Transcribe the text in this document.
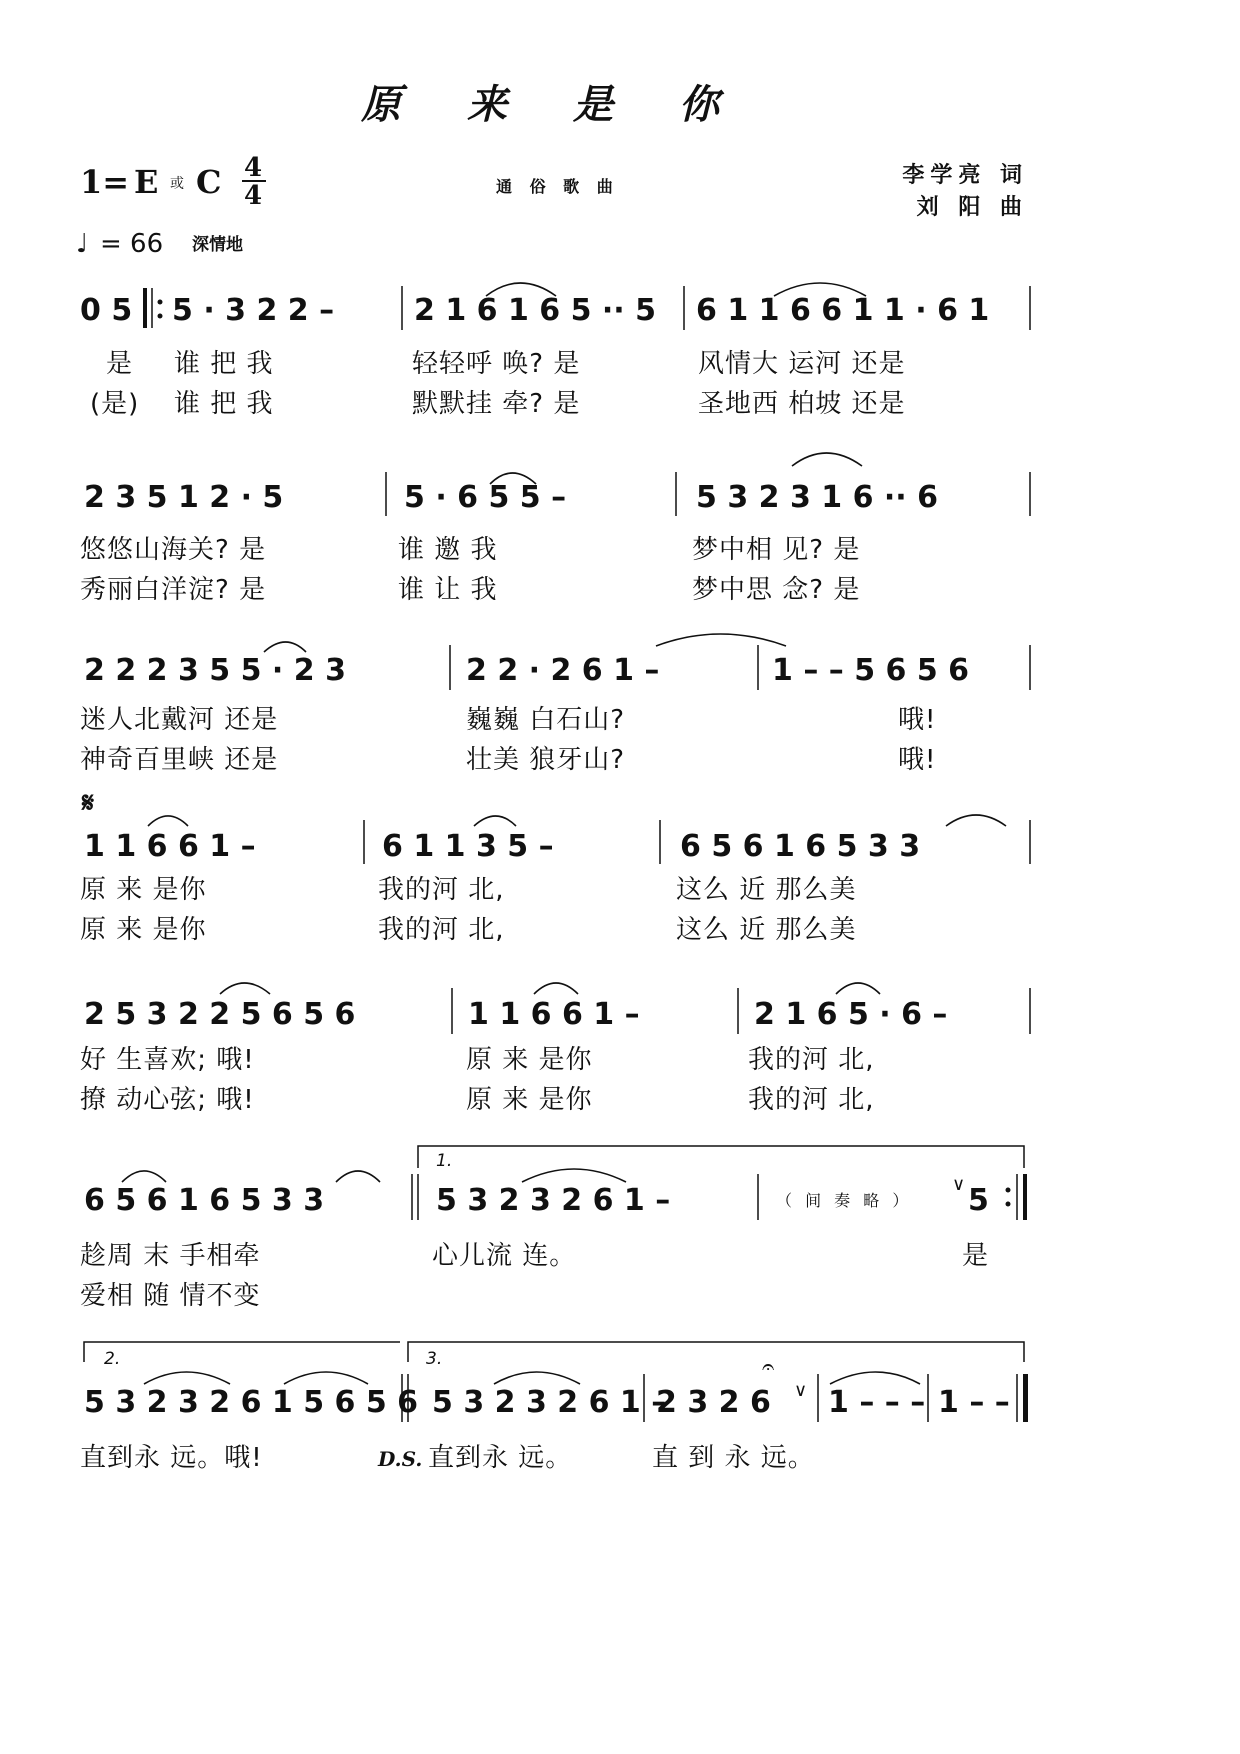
原 来 是 你
1= E 或 C 4
4	通 俗 歌 曲	李学亮 词
刘 阳 曲
♩ = 66 深情地
0 5 5 · 3 2 2 –	2 1 6 1 6 5 ·· 5 6 1 1 6 6 1 1 · 6 1
是 谁 把 我	轻轻呼 唤? 是	风情大 运河 还是
(是) 谁 把 我	默默挂 牵? 是	圣地西 柏坡 还是
2 3 5 1 2 · 5	5 · 6 5 5 –	5 3 2 3 1 6 ·· 6
悠悠山海关? 是	谁 邀 我	梦中相 见? 是
秀丽白洋淀? 是	谁 让 我	梦中思 念? 是
2 2 2 3 5 5 · 2 3	2 2 · 2 6 1 –	1 – – 5 6 5 6
迷人北戴河 还是	巍巍 白石山?	哦!
神奇百里峡 还是	壮美 狼牙山?	哦!
𝄋
1 1 6 6 1 –	6 1 1 3 5 –	6 5 6 1 6 5 3 3
原 来 是你	我的河 北,	这么 近 那么美
原 来 是你	我的河 北,	这么 近 那么美
2 5 3 2 2 5 6 5 6	1 1 6 6 1 –	2 1 6 5 · 6 –
好 生喜欢; 哦!	原 来 是你	我的河 北,
撩 动心弦; 哦!	原 来 是你	我的河 北,
1.
6 5 6 1 6 5 3 3	5 3 2 3 2 6 1 –	（ 间 奏 略 ）
∨ 5
趁周 末 手相牵	心儿流 连。	是
爱相 随 情不变
2.	3.
5 3 2 3 2 6 1 5 6 5 6 5 3 2 3 2 6 1 –
2 3 2 6
𝄐
∨ 1 – – – 1 – –
直到永 远。哦!	D.S. 直到永 远。	直 到 永 远。
